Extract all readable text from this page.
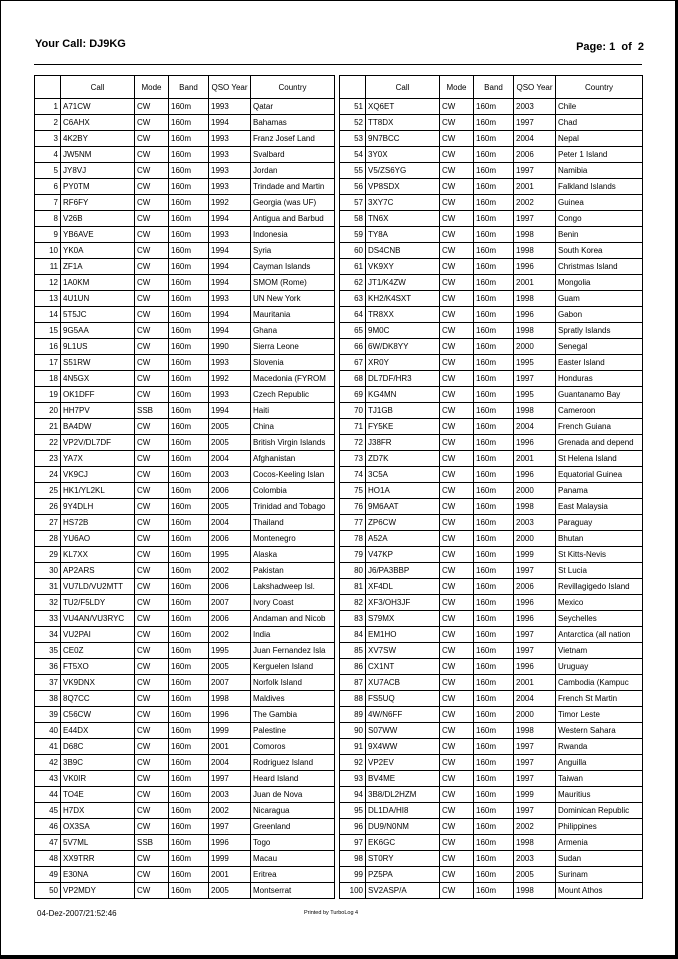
Your Call: DJ9KG	Page: 1 of 2
	Call	Mode	Band	QSO Year	Country
1	A71CW	CW	160m	1993	Qatar
2	C6AHX	CW	160m	1994	Bahamas
3	4K2BY	CW	160m	1993	Franz Josef Land
4	JW5NM	CW	160m	1993	Svalbard
5	JY8VJ	CW	160m	1993	Jordan
6	PY0TM	CW	160m	1993	Trindade and Martin
7	RF6FY	CW	160m	1992	Georgia (was UF)
8	V26B	CW	160m	1994	Antigua and Barbud
9	YB6AVE	CW	160m	1993	Indonesia
10	YK0A	CW	160m	1994	Syria
11	ZF1A	CW	160m	1994	Cayman Islands
12	1A0KM	CW	160m	1994	SMOM (Rome)
13	4U1UN	CW	160m	1993	UN New York
14	5T5JC	CW	160m	1994	Mauritania
15	9G5AA	CW	160m	1994	Ghana
16	9L1US	CW	160m	1990	Sierra Leone
17	S51RW	CW	160m	1993	Slovenia
18	4N5GX	CW	160m	1992	Macedonia (FYROM
19	OK1DFF	CW	160m	1993	Czech Republic
20	HH7PV	SSB	160m	1994	Haiti
21	BA4DW	CW	160m	2005	China
22	VP2V/DL7DF	CW	160m	2005	British Virgin Islands
23	YA7X	CW	160m	2004	Afghanistan
24	VK9CJ	CW	160m	2003	Cocos-Keeling Islan
25	HK1/YL2KL	CW	160m	2006	Colombia
26	9Y4DLH	CW	160m	2005	Trinidad and Tobago
27	HS72B	CW	160m	2004	Thailand
28	YU6AO	CW	160m	2006	Montenegro
29	KL7XX	CW	160m	1995	Alaska
30	AP2ARS	CW	160m	2002	Pakistan
31	VU7LD/VU2MTT	CW	160m	2006	Lakshadweep Isl.
32	TU2/F5LDY	CW	160m	2007	Ivory Coast
33	VU4AN/VU3RYC	CW	160m	2006	Andaman and Nicob
34	VU2PAI	CW	160m	2002	India
35	CE0Z	CW	160m	1995	Juan Fernandez Isla
36	FT5XO	CW	160m	2005	Kerguelen Island
37	VK9DNX	CW	160m	2007	Norfolk Island
38	8Q7CC	CW	160m	1998	Maldives
39	C56CW	CW	160m	1996	The Gambia
40	E44DX	CW	160m	1999	Palestine
41	D68C	CW	160m	2001	Comoros
42	3B9C	CW	160m	2004	Rodriguez Island
43	VK0IR	CW	160m	1997	Heard Island
44	TO4E	CW	160m	2003	Juan de Nova
45	H7DX	CW	160m	2002	Nicaragua
46	OX3SA	CW	160m	1997	Greenland
47	5V7ML	SSB	160m	1996	Togo
48	XX9TRR	CW	160m	1999	Macau
49	E30NA	CW	160m	2001	Eritrea
50	VP2MDY	CW	160m	2005	Montserrat
	Call	Mode	Band	QSO Year	Country
51	XQ6ET	CW	160m	2003	Chile
52	TT8DX	CW	160m	1997	Chad
53	9N7BCC	CW	160m	2004	Nepal
54	3Y0X	CW	160m	2006	Peter 1 Island
55	V5/ZS6YG	CW	160m	1997	Namibia
56	VP8SDX	CW	160m	2001	Falkland Islands
57	3XY7C	CW	160m	2002	Guinea
58	TN6X	CW	160m	1997	Congo
59	TY8A	CW	160m	1998	Benin
60	DS4CNB	CW	160m	1998	South Korea
61	VK9XY	CW	160m	1996	Christmas Island
62	JT1/K4ZW	CW	160m	2001	Mongolia
63	KH2/K4SXT	CW	160m	1998	Guam
64	TR8XX	CW	160m	1996	Gabon
65	9M0C	CW	160m	1998	Spratly Islands
66	6W/DK8YY	CW	160m	2000	Senegal
67	XR0Y	CW	160m	1995	Easter Island
68	DL7DF/HR3	CW	160m	1997	Honduras
69	KG4MN	CW	160m	1995	Guantanamo Bay
70	TJ1GB	CW	160m	1998	Cameroon
71	FY5KE	CW	160m	2004	French Guiana
72	J38FR	CW	160m	1996	Grenada and depend
73	ZD7K	CW	160m	2001	St Helena Island
74	3C5A	CW	160m	1996	Equatorial Guinea
75	HO1A	CW	160m	2000	Panama
76	9M6AAT	CW	160m	1998	East Malaysia
77	ZP6CW	CW	160m	2003	Paraguay
78	A52A	CW	160m	2000	Bhutan
79	V47KP	CW	160m	1999	St Kitts-Nevis
80	J6/PA3BBP	CW	160m	1997	St Lucia
81	XF4DL	CW	160m	2006	Revillagigedo Island
82	XF3/OH3JF	CW	160m	1996	Mexico
83	S79MX	CW	160m	1996	Seychelles
84	EM1HO	CW	160m	1997	Antarctica (all nation
85	XV7SW	CW	160m	1997	Vietnam
86	CX1NT	CW	160m	1996	Uruguay
87	XU7ACB	CW	160m	2001	Cambodia (Kampuc
88	FS5UQ	CW	160m	2004	French St Martin
89	4W/N6FF	CW	160m	2000	Timor Leste
90	S07WW	CW	160m	1998	Western Sahara
91	9X4WW	CW	160m	1997	Rwanda
92	VP2EV	CW	160m	1997	Anguilla
93	BV4ME	CW	160m	1997	Taiwan
94	3B8/DL2HZM	CW	160m	1999	Mauritius
95	DL1DA/HI8	CW	160m	1997	Dominican Republic
96	DU9/N0NM	CW	160m	2002	Philippines
97	EK6GC	CW	160m	1998	Armenia
98	ST0RY	CW	160m	2003	Sudan
99	PZ5PA	CW	160m	2005	Surinam
100	SV2ASP/A	CW	160m	1998	Mount Athos
04-Dez-2007/21:52:46	Printed by TurboLog 4
